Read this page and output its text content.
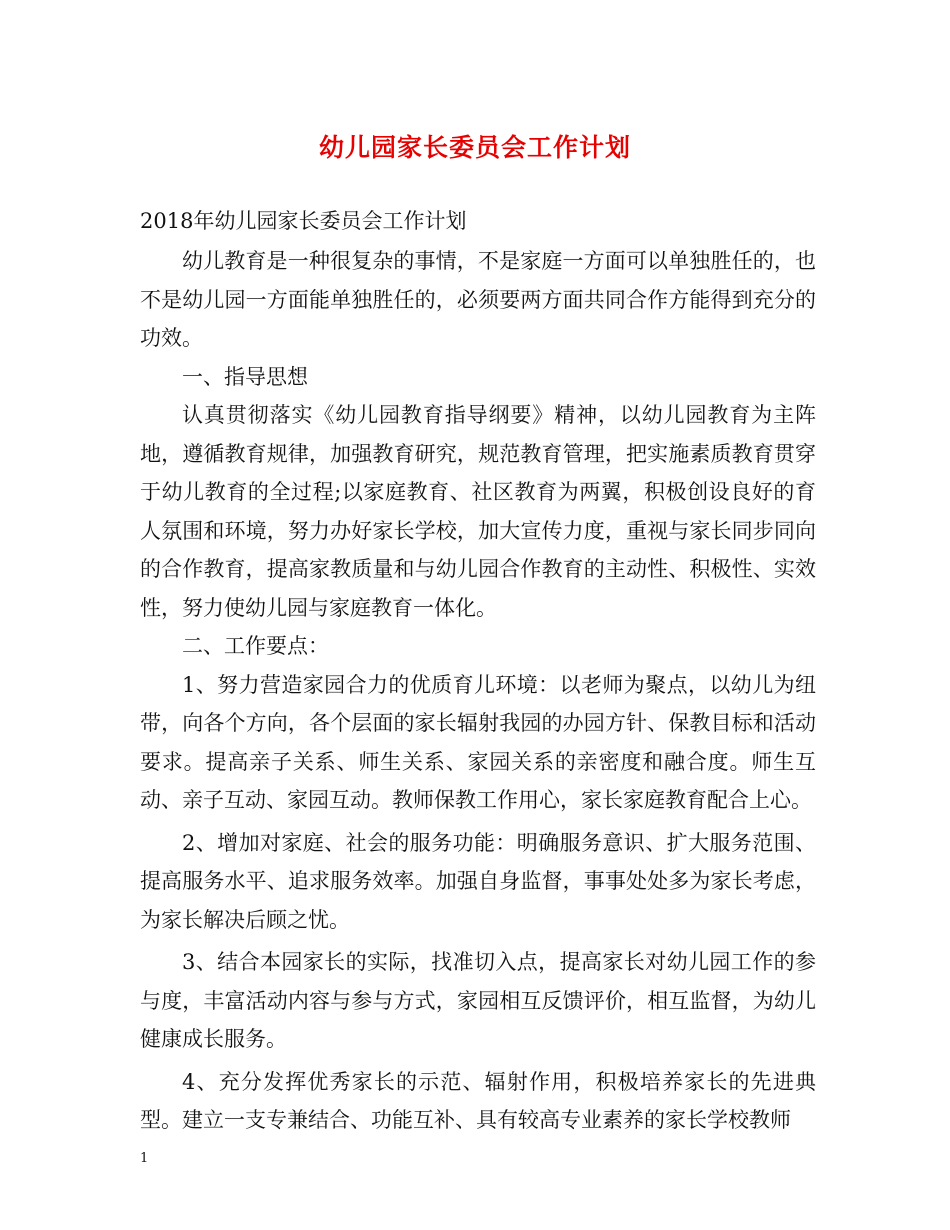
幼儿园家长委员会工作计划
2018年幼儿园家长委员会工作计划

幼儿教育是一种很复杂的事情，不是家庭一方面可以单独胜任的，也不是幼儿园一方面能单独胜任的，必须要两方面共同合作方能得到充分的功效。

一、指导思想

认真贯彻落实《幼儿园教育指导纲要》精神，以幼儿园教育为主阵地，遵循教育规律，加强教育研究，规范教育管理，把实施素质教育贯穿于幼儿教育的全过程;以家庭教育、社区教育为两翼，积极创设良好的育人氛围和环境，努力办好家长学校，加大宣传力度，重视与家长同步同向的合作教育，提高家教质量和与幼儿园合作教育的主动性、积极性、实效性，努力使幼儿园与家庭教育一体化。

二、工作要点：

1、努力营造家园合力的优质育儿环境：以老师为聚点，以幼儿为纽带，向各个方向，各个层面的家长辐射我园的办园方针、保教目标和活动要求。提高亲子关系、师生关系、家园关系的亲密度和融合度。师生互动、亲子互动、家园互动。教师保教工作用心，家长家庭教育配合上心。

2、增加对家庭、社会的服务功能：明确服务意识、扩大服务范围、提高服务水平、追求服务效率。加强自身监督，事事处处多为家长考虑，为家长解决后顾之忧。

3、结合本园家长的实际，找准切入点，提高家长对幼儿园工作的参与度，丰富活动内容与参与方式，家园相互反馈评价，相互监督，为幼儿健康成长服务。

4、充分发挥优秀家长的示范、辐射作用，积极培养家长的先进典型。建立一支专兼结合、功能互补、具有较高专业素养的家长学校教师

1
